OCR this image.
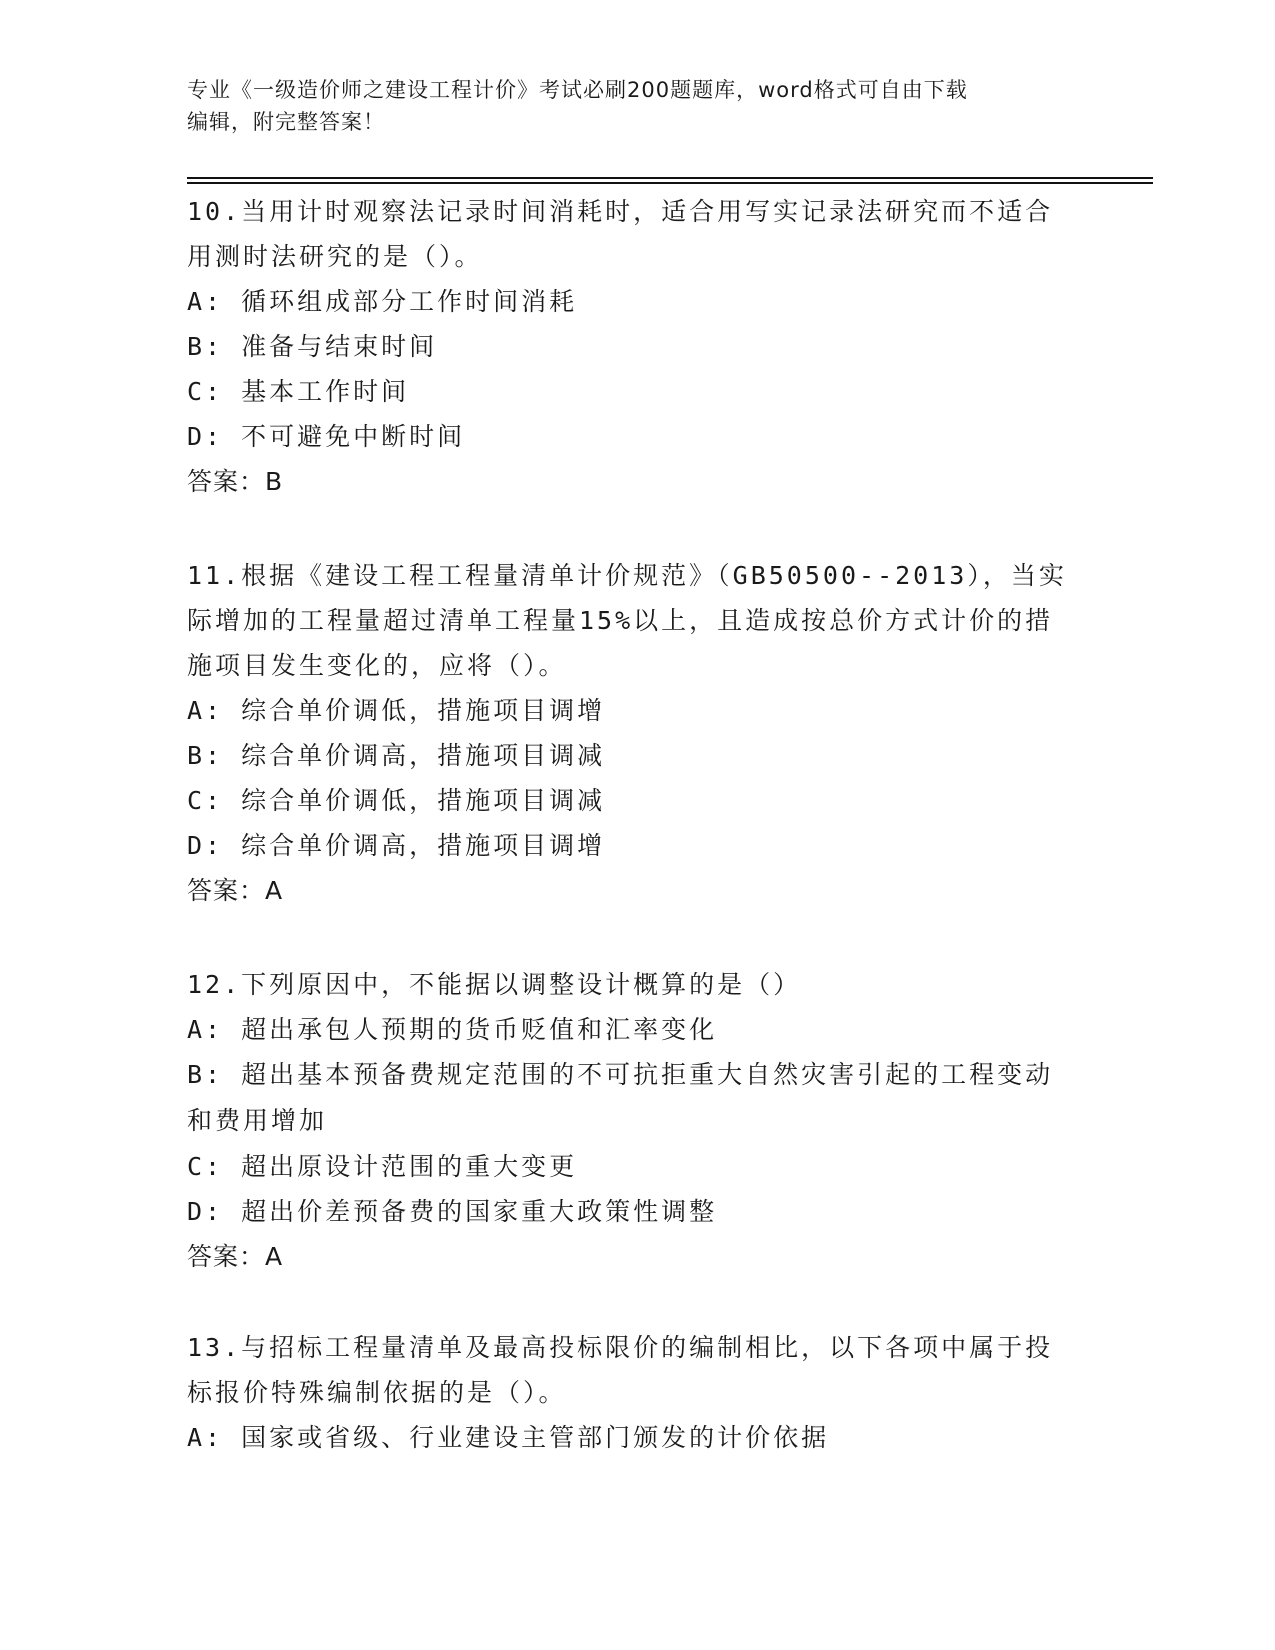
专业《一级造价师之建设工程计价》考试必刷200题题库，word格式可自由下载
编辑，附完整答案！
10.当用计时观察法记录时间消耗时，适合用写实记录法研究而不适合
用测时法研究的是（）。
A: 循环组成部分工作时间消耗
B: 准备与结束时间
C: 基本工作时间
D: 不可避免中断时间
答案：B
11.根据《建设工程工程量清单计价规范》（GB50500--2013），当实
际增加的工程量超过清单工程量15%以上，且造成按总价方式计价的措
施项目发生变化的，应将（）。
A: 综合单价调低，措施项目调增
B: 综合单价调高，措施项目调减
C: 综合单价调低，措施项目调减
D: 综合单价调高，措施项目调增
答案：A
12.下列原因中，不能据以调整设计概算的是（）
A: 超出承包人预期的货币贬值和汇率变化
B: 超出基本预备费规定范围的不可抗拒重大自然灾害引起的工程变动
和费用增加
C: 超出原设计范围的重大变更
D: 超出价差预备费的国家重大政策性调整
答案：A
13.与招标工程量清单及最高投标限价的编制相比，以下各项中属于投
标报价特殊编制依据的是（）。
A: 国家或省级、行业建设主管部门颁发的计价依据
